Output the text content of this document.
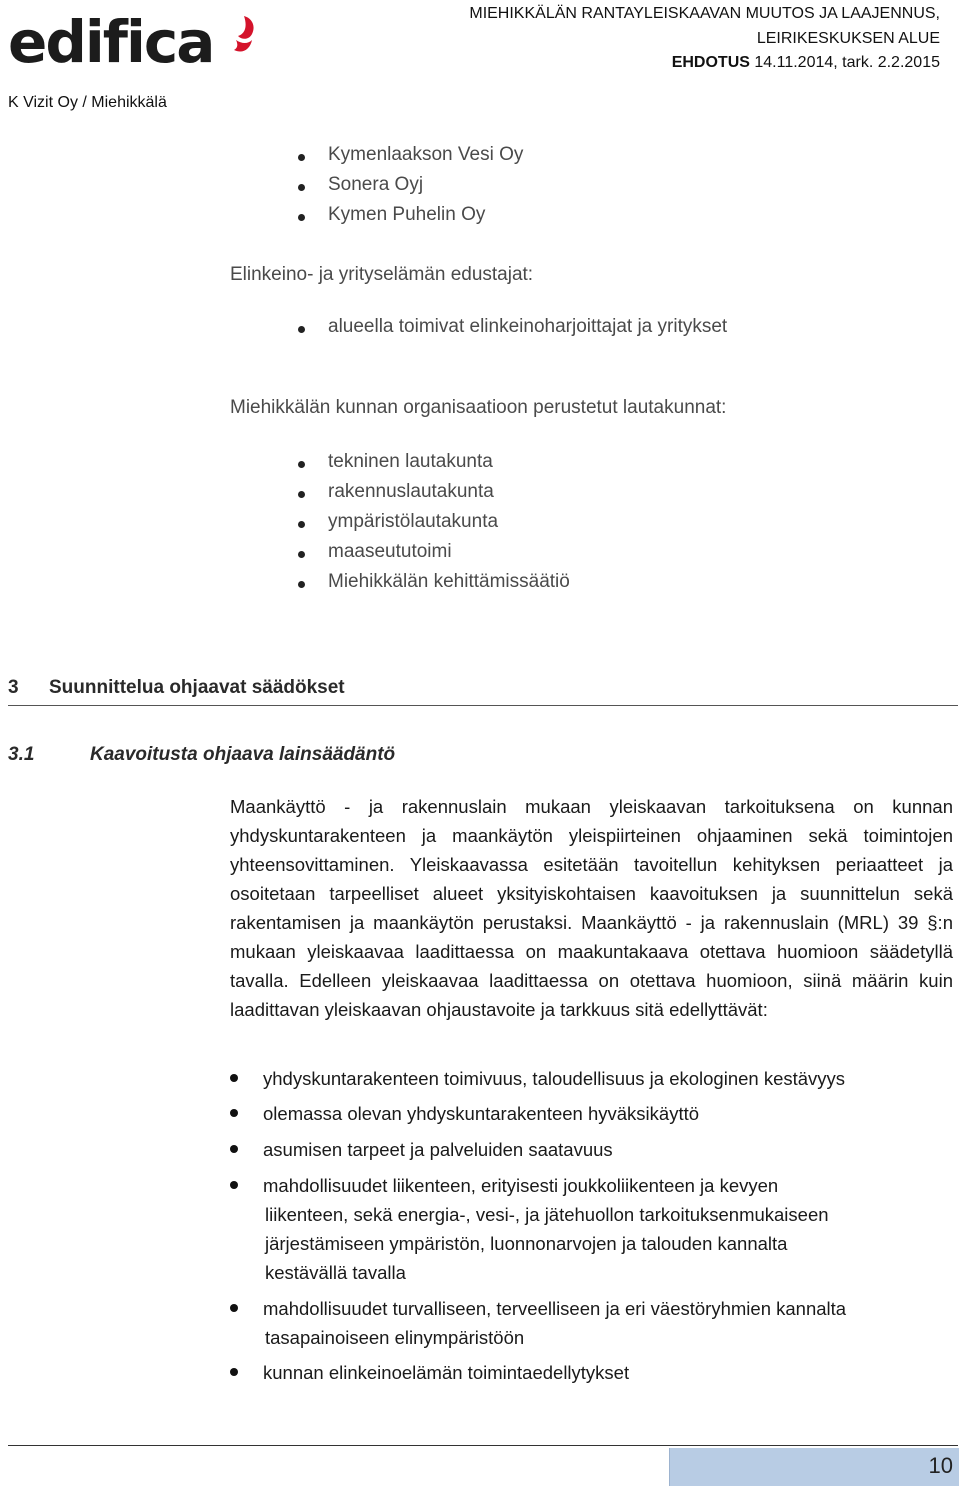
edifica	MIEHIKKÄLÄN RANTAYLEISKAAVAN MUUTOS JA LAAJENNUS,
LEIRIKESKUKSEN ALUE
EHDOTUS 14.11.2014, tark. 2.2.2015
K Vizit Oy / Miehikkälä
Kymenlaakson Vesi Oy
Sonera Oyj
Kymen Puhelin Oy
Elinkeino- ja yrityselämän edustajat:
alueella toimivat elinkeinoharjoittajat ja yritykset
Miehikkälän kunnan organisaatioon perustetut lautakunnat:
tekninen lautakunta
rakennuslautakunta
ympäristölautakunta
maaseututoimi
Miehikkälän kehittämissäätiö
3 Suunnittelua ohjaavat säädökset
3.1	Kaavoitusta ohjaava lainsäädäntö
Maankäyttö - ja rakennuslain mukaan yleiskaavan tarkoituksena on kunnan yhdyskuntarakenteen ja maankäytön yleispiirteinen ohjaaminen sekä toimintojen yhteensovittaminen. Yleiskaavassa esitetään tavoitellun kehityksen periaatteet ja osoitetaan tarpeelliset alueet yksityiskohtaisen kaavoituksen ja suunnittelun sekä rakentamisen ja maankäytön perustaksi. Maankäyttö - ja rakennuslain (MRL) 39 §:n mukaan yleiskaavaa laadittaessa on maakuntakaava otettava huomioon säädetyllä tavalla. Edelleen yleiskaavaa laadittaessa on otettava huomioon, siinä määrin kuin laadittavan yleiskaavan ohjaustavoite ja tarkkuus sitä edellyttävät:
yhdyskuntarakenteen toimivuus, taloudellisuus ja ekologinen kestävyys
olemassa olevan yhdyskuntarakenteen hyväksikäyttö
asumisen tarpeet ja palveluiden saatavuus
mahdollisuudet liikenteen, erityisesti joukkoliikenteen ja kevyen
liikenteen, sekä energia-, vesi-, ja jätehuollon tarkoituksenmukaiseen
järjestämiseen ympäristön, luonnonarvojen ja talouden kannalta
kestävällä tavalla
mahdollisuudet turvalliseen, terveelliseen ja eri väestöryhmien kannalta
tasapainoiseen elinympäristöön
kunnan elinkeinoelämän toimintaedellytykset
10
